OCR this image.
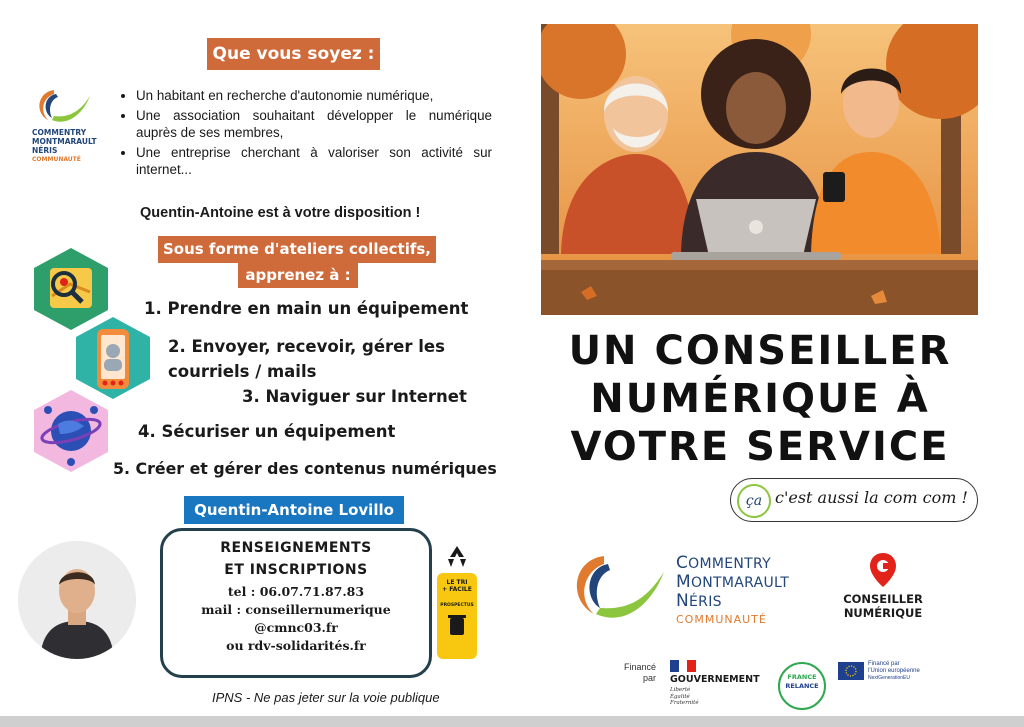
COMMENTRY
MONTMARAULT
NÉRIS
COMMUNAUTÉ
Que vous soyez :
• Un habitant en recherche d'autonomie numérique,
• Une association souhaitant développer le numérique auprès de ses membres,
• Une entreprise cherchant à valoriser son activité sur internet...
Quentin-Antoine est à votre disposition !
Sous forme d'ateliers collectifs,
apprenez à :
1. Prendre en main un équipement
2. Envoyer, recevoir, gérer les
courriels / mails
3. Naviguer sur Internet
4. Sécuriser un équipement
5. Créer et gérer des contenus numériques
Quentin-Antoine Lovillo
RENSEIGNEMENTS
ET INSCRIPTIONS
tel : 06.07.71.87.83
mail : conseillernumerique
@cmnc03.fr
ou rdv-solidarités.fr
LE TRI
+ FACILE
PROSPECTUS
IPNS - Ne pas jeter sur la voie publique
UN CONSEILLER
NUMÉRIQUE À
VOTRE SERVICE
ça c'est aussi la com com !
COMMENTRY
MONTMARAULT
NÉRIS
COMMUNAUTÉ
CONSEILLER
NUMÉRIQUE
Financé
par GOUVERNEMENT
Liberté
Égalité
Fraternité
FRANCE
RELANCE
Financé par
l'Union européenne
NextGenerationEU
